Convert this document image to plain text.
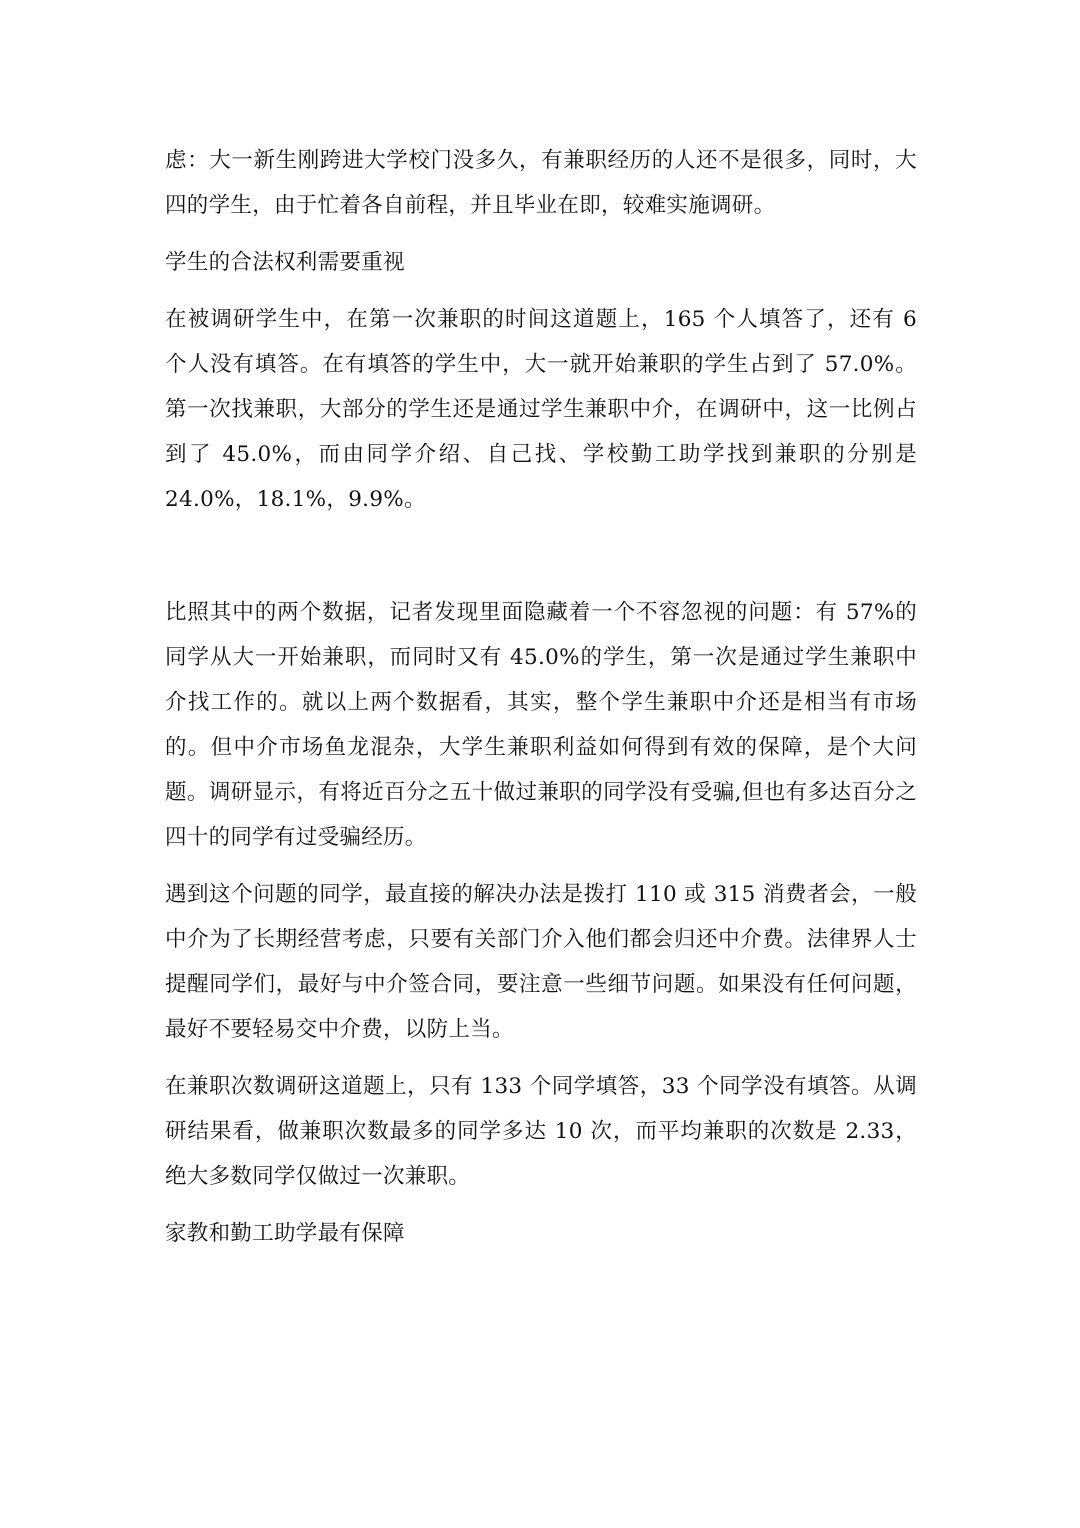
虑：大一新生刚跨进大学校门没多久，有兼职经历的人还不是很多，同时，大四的学生，由于忙着各自前程，并且毕业在即，较难实施调研。

学生的合法权利需要重视

在被调研学生中，在第一次兼职的时间这道题上，165 个人填答了，还有 6 个人没有填答。在有填答的学生中，大一就开始兼职的学生占到了 57.0%。第一次找兼职，大部分的学生还是通过学生兼职中介，在调研中，这一比例占到了 45.0%，而由同学介绍、自己找、学校勤工助学找到兼职的分别是 24.0%，18.1%，9.9%。

比照其中的两个数据，记者发现里面隐藏着一个不容忽视的问题：有 57%的同学从大一开始兼职，而同时又有 45.0%的学生，第一次是通过学生兼职中介找工作的。就以上两个数据看，其实，整个学生兼职中介还是相当有市场的。但中介市场鱼龙混杂，大学生兼职利益如何得到有效的保障，是个大问题。调研显示，有将近百分之五十做过兼职的同学没有受骗,但也有多达百分之四十的同学有过受骗经历。

遇到这个问题的同学，最直接的解决办法是拨打 110 或 315 消费者会，一般中介为了长期经营考虑，只要有关部门介入他们都会归还中介费。法律界人士提醒同学们，最好与中介签合同，要注意一些细节问题。如果没有任何问题，最好不要轻易交中介费，以防上当。

在兼职次数调研这道题上，只有 133 个同学填答，33 个同学没有填答。从调研结果看，做兼职次数最多的同学多达 10 次，而平均兼职的次数是 2.33，绝大多数同学仅做过一次兼职。

家教和勤工助学最有保障
